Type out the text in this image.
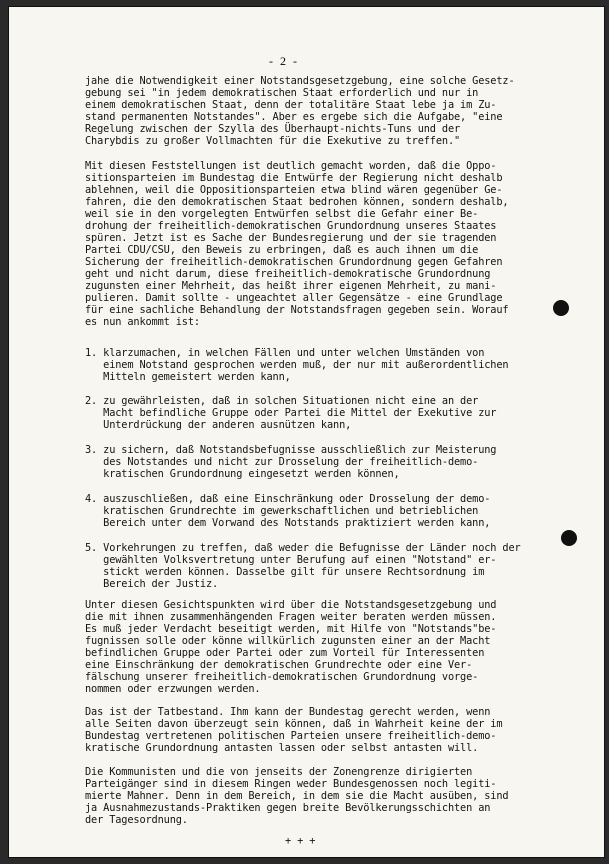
- 2 -
jahe die Notwendigkeit einer Notstandsgesetzgebung, eine solche Gesetz-
gebung sei "in jedem demokratischen Staat erforderlich und nur in
einem demokratischen Staat, denn der totalitäre Staat lebe ja im Zu-
stand permanenten Notstandes". Aber es ergebe sich die Aufgabe, "eine
Regelung zwischen der Szylla des Überhaupt-nichts-Tuns und der
Charybdis zu großer Vollmachten für die Exekutive zu treffen."
Mit diesen Feststellungen ist deutlich gemacht worden, daß die Oppo-
sitionsparteien im Bundestag die Entwürfe der Regierung nicht deshalb
ablehnen, weil die Oppositionsparteien etwa blind wären gegenüber Ge-
fahren, die den demokratischen Staat bedrohen können, sondern deshalb,
weil sie in den vorgelegten Entwürfen selbst die Gefahr einer Be-
drohung der freiheitlich-demokratischen Grundordnung unseres Staates
spüren. Jetzt ist es Sache der Bundesregierung und der sie tragenden
Partei CDU/CSU, den Beweis zu erbringen, daß es auch ihnen um die
Sicherung der freiheitlich-demokratischen Grundordnung gegen Gefahren
geht und nicht darum, diese freiheitlich-demokratische Grundordnung
zugunsten einer Mehrheit, das heißt ihrer eigenen Mehrheit, zu mani-
pulieren. Damit sollte - ungeachtet aller Gegensätze - eine Grundlage
für eine sachliche Behandlung der Notstandsfragen gegeben sein. Worauf
es nun ankommt ist:
1. klarzumachen, in welchen Fällen und unter welchen Umständen von
einem Notstand gesprochen werden muß, der nur mit außerordentlichen
Mitteln gemeistert werden kann,
2. zu gewährleisten, daß in solchen Situationen nicht eine an der
Macht befindliche Gruppe oder Partei die Mittel der Exekutive zur
Unterdrückung der anderen ausnützen kann,
3. zu sichern, daß Notstandsbefugnisse ausschließlich zur Meisterung
des Notstandes und nicht zur Drosselung der freiheitlich-demo-
kratischen Grundordnung eingesetzt werden können,
4. auszuschließen, daß eine Einschränkung oder Drosselung der demo-
kratischen Grundrechte im gewerkschaftlichen und betrieblichen
Bereich unter dem Vorwand des Notstands praktiziert werden kann,
5. Vorkehrungen zu treffen, daß weder die Befugnisse der Länder noch der
gewählten Volksvertretung unter Berufung auf einen "Notstand" er-
stickt werden können. Dasselbe gilt für unsere Rechtsordnung im
Bereich der Justiz.
Unter diesen Gesichtspunkten wird über die Notstandsgesetzgebung und
die mit ihnen zusammenhängenden Fragen weiter beraten werden müssen.
Es muß jeder Verdacht beseitigt werden, mit Hilfe von "Notstands"be-
fugnissen solle oder könne willkürlich zugunsten einer an der Macht
befindlichen Gruppe oder Partei oder zum Vorteil für Interessenten
eine Einschränkung der demokratischen Grundrechte oder eine Ver-
fälschung unserer freiheitlich-demokratischen Grundordnung vorge-
nommen oder erzwungen werden.
Das ist der Tatbestand. Ihm kann der Bundestag gerecht werden, wenn
alle Seiten davon überzeugt sein können, daß in Wahrheit keine der im
Bundestag vertretenen politischen Parteien unsere freiheitlich-demo-
kratische Grundordnung antasten lassen oder selbst antasten will.
Die Kommunisten und die von jenseits der Zonengrenze dirigierten
Parteigänger sind in diesem Ringen weder Bundesgenossen noch legiti-
mierte Mahner. Denn in dem Bereich, in dem sie die Macht ausüben, sind
ja Ausnahmezustands-Praktiken gegen breite Bevölkerungsschichten an
der Tagesordnung.
+ + +
